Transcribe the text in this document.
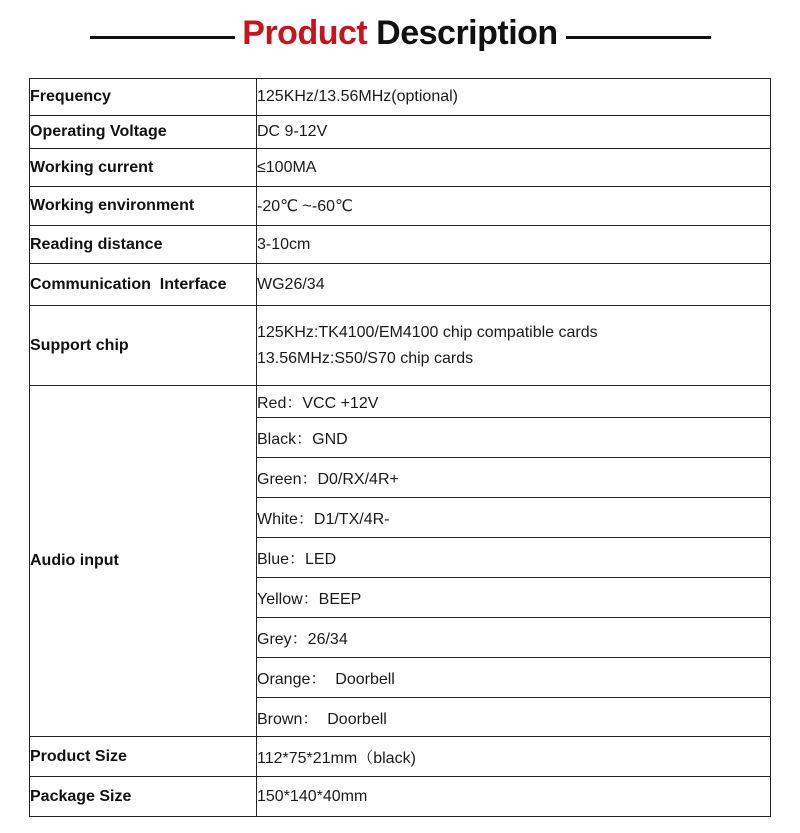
Product Description
Frequency	125KHz/13.56MHz(optional)
Operating Voltage	DC 9-12V
Working current	≤100MA
Working environment	-20℃ ~-60℃
Reading distance	3-10cm
Communication  Interface	WG26/34
Support chip	125KHz:TK4100/EM4100 chip compatible cards
13.56MHz:S50/S70 chip cards

Audio input	Red：VCC +12V
	Black：GND
	Green：D0/RX/4R+
	White：D1/TX/4R-
	Blue：LED
	Yellow：BEEP
	Grey：26/34
	Orange：  Doorbell
	Brown：  Doorbell
Product Size	112*75*21mm（black)
Package Size	150*140*40mm
